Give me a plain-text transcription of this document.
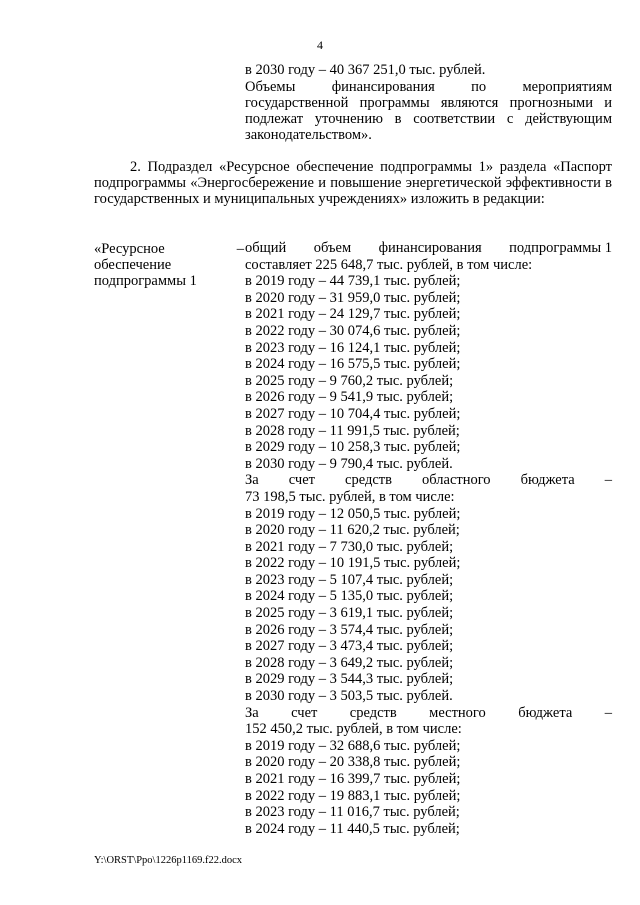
4
в 2030 году – 40 367 251,0 тыс. рублей.
Объемы финансирования по мероприятиям государственной программы являются прогнозными и подлежат уточнению в соответствии с действующим законодательством».
2. Подраздел «Ресурсное обеспечение подпрограммы 1» раздела «Паспорт подпрограммы «Энергосбережение и повышение энергетической эффективности в государственных и муниципальных учреждениях» изложить в редакции:
«Ресурсное	–
обеспечение
подпрограммы 1
общий объем финансирования подпрограммы 1
составляет 225 648,7 тыс. рублей, в том числе:
в 2019 году – 44 739,1 тыс. рублей;
в 2020 году – 31 959,0 тыс. рублей;
в 2021 году – 24 129,7 тыс. рублей;
в 2022 году – 30 074,6 тыс. рублей;
в 2023 году – 16 124,1 тыс. рублей;
в 2024 году – 16 575,5 тыс. рублей;
в 2025 году – 9 760,2 тыс. рублей;
в 2026 году – 9 541,9 тыс. рублей;
в 2027 году – 10 704,4 тыс. рублей;
в 2028 году – 11 991,5 тыс. рублей;
в 2029 году – 10 258,3 тыс. рублей;
в 2030 году – 9 790,4 тыс. рублей.
За счет средств областного бюджета –
73 198,5 тыс. рублей, в том числе:
в 2019 году – 12 050,5 тыс. рублей;
в 2020 году – 11 620,2 тыс. рублей;
в 2021 году – 7 730,0 тыс. рублей;
в 2022 году – 10 191,5 тыс. рублей;
в 2023 году – 5 107,4 тыс. рублей;
в 2024 году – 5 135,0 тыс. рублей;
в 2025 году – 3 619,1 тыс. рублей;
в 2026 году – 3 574,4 тыс. рублей;
в 2027 году – 3 473,4 тыс. рублей;
в 2028 году – 3 649,2 тыс. рублей;
в 2029 году – 3 544,3 тыс. рублей;
в 2030 году – 3 503,5 тыс. рублей.
За счет средств местного бюджета –
152 450,2 тыс. рублей, в том числе:
в 2019 году – 32 688,6 тыс. рублей;
в 2020 году – 20 338,8 тыс. рублей;
в 2021 году – 16 399,7 тыс. рублей;
в 2022 году – 19 883,1 тыс. рублей;
в 2023 году – 11 016,7 тыс. рублей;
в 2024 году – 11 440,5 тыс. рублей;
Y:\ORST\Ppo\1226p1169.f22.docx
